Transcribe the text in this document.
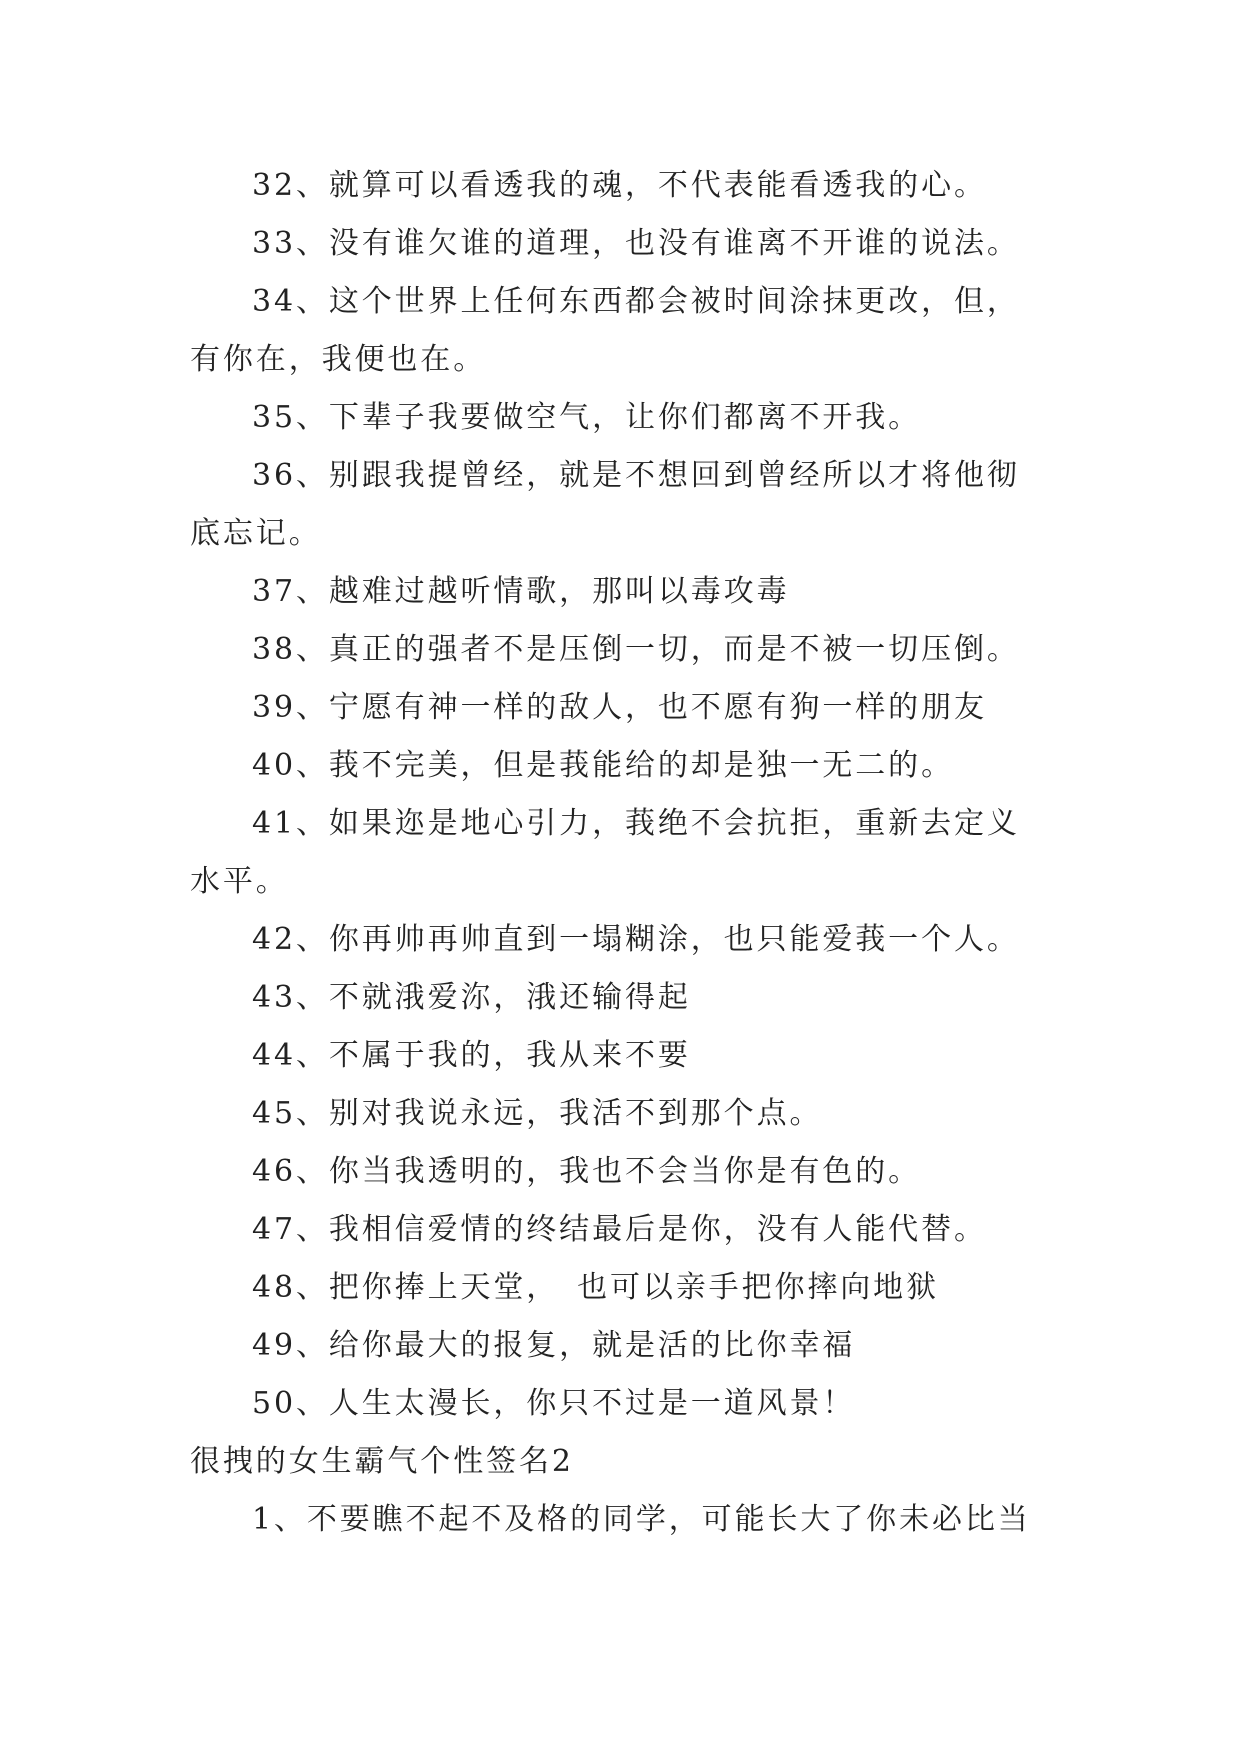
32、就算可以看透我的魂，不代表能看透我的心。

33、没有谁欠谁的道理，也没有谁离不开谁的说法。

34、这个世界上任何东西都会被时间涂抹更改，但，有你在，我便也在。

35、下辈子我要做空气，让你们都离不开我。

36、别跟我提曾经，就是不想回到曾经所以才将他彻底忘记。

37、越难过越听情歌，那叫以毒攻毒

38、真正的强者不是压倒一切，而是不被一切压倒。

39、宁愿有神一样的敌人，也不愿有狗一样的朋友

40、莪不完美，但是莪能给的却是独一无二的。

41、如果迩是地心引力，莪绝不会抗拒，重新去定义水平。

42、你再帅再帅直到一塌糊涂，也只能爱莪一个人。

43、不就涐爱沵，涐还输得起

44、不属于我的，我从来不要

45、别对我说永远，我活不到那个点。

46、你当我透明的，我也不会当你是有色的。

47、我相信爱情的终结最后是你，没有人能代替。

48、把你捧上天堂，　也可以亲手把你摔向地狱

49、给你最大的报复，就是活的比你幸福

50、人生太漫长，你只不过是一道风景！

很拽的女生霸气个性签名2

1、不要瞧不起不及格的同学，可能长大了你未必比当
